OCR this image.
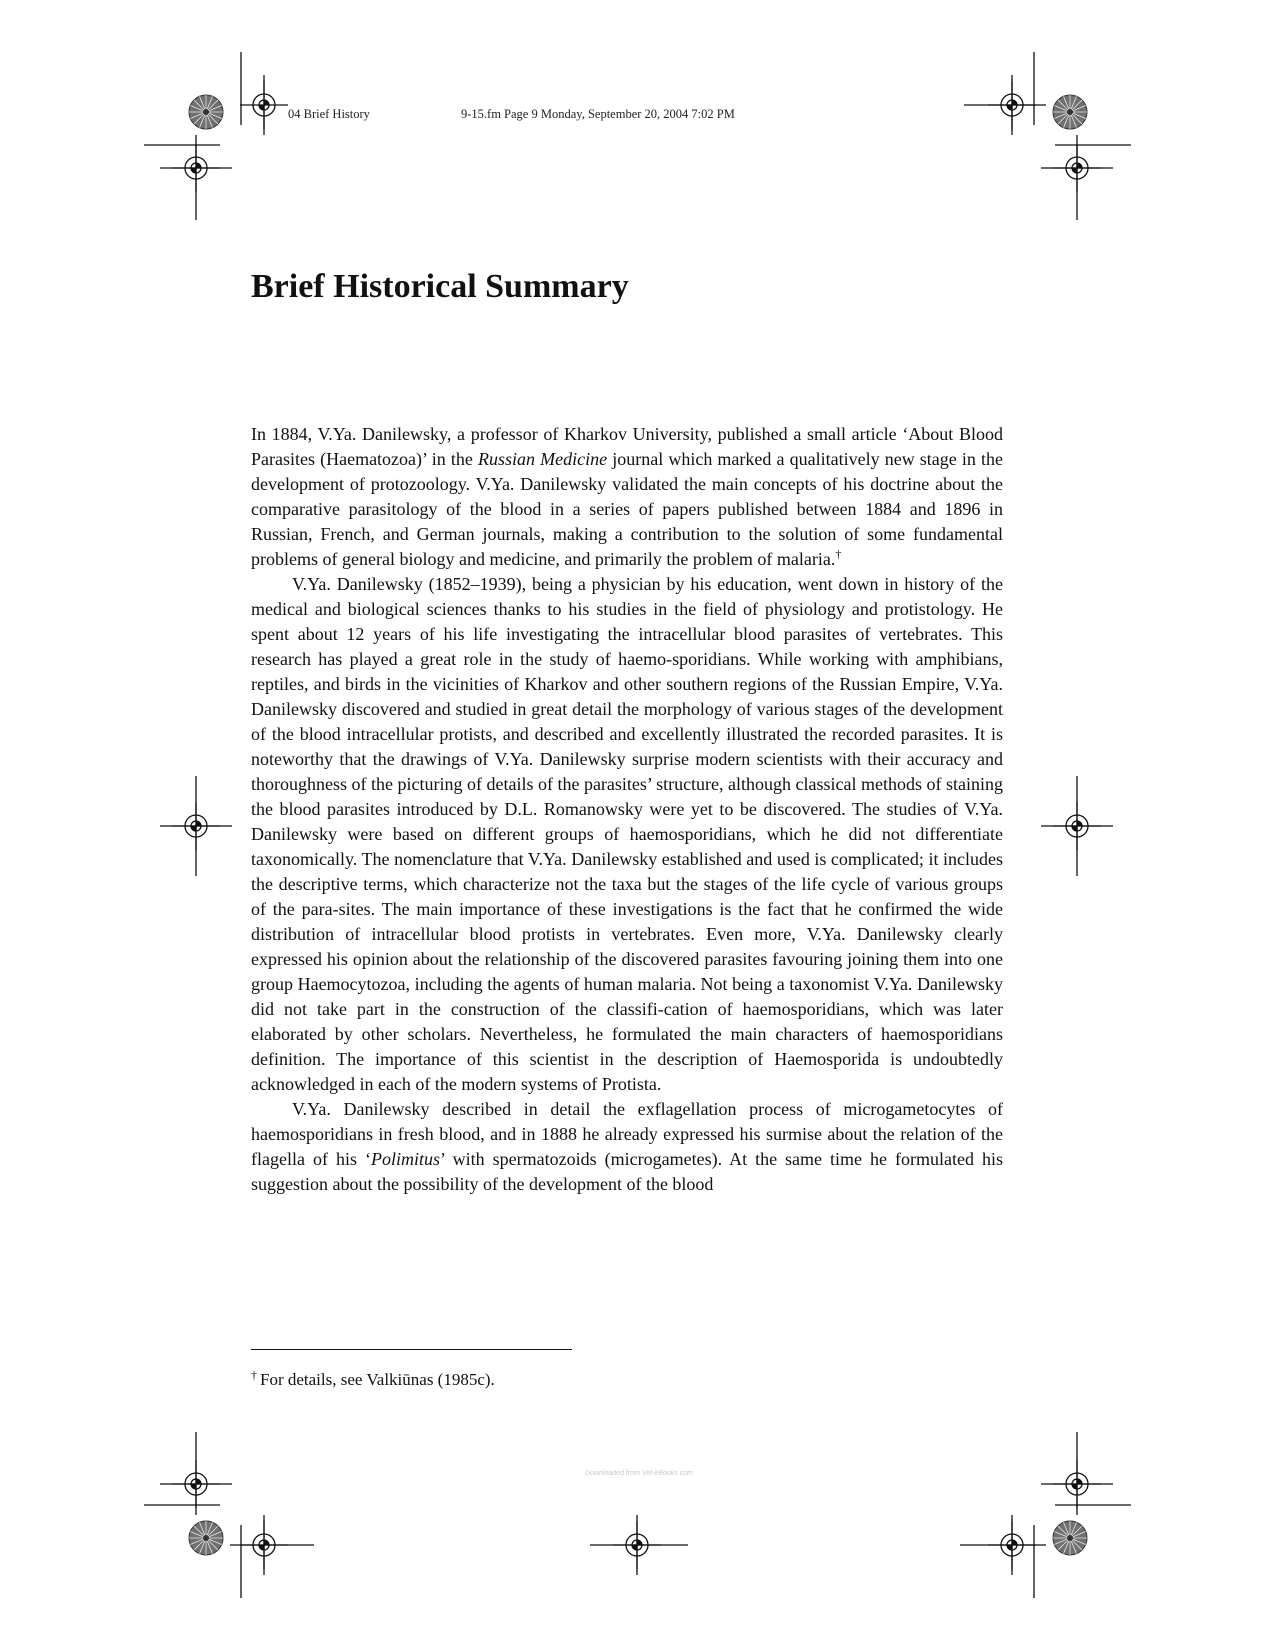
04 Brief History	9-15.fm Page 9 Monday, September 20, 2004 7:02 PM
Brief Historical Summary

In 1884, V.Ya. Danilewsky, a professor of Kharkov University, published a small article ‘About Blood Parasites (Haematozoa)’ in the Russian Medicine journal which marked a qualitatively new stage in the development of protozoology. V.Ya. Danilewsky validated the main concepts of his doctrine about the comparative parasitology of the blood in a series of papers published between 1884 and 1896 in Russian, French, and German journals, making a contribution to the solution of some fundamental problems of general biology and medicine, and primarily the problem of malaria.†

V.Ya. Danilewsky (1852–1939), being a physician by his education, went down in history of the medical and biological sciences thanks to his studies in the field of physiology and protistology. He spent about 12 years of his life investigating the intracellular blood parasites of vertebrates. This research has played a great role in the study of haemo-sporidians. While working with amphibians, reptiles, and birds in the vicinities of Kharkov and other southern regions of the Russian Empire, V.Ya. Danilewsky discovered and studied in great detail the morphology of various stages of the development of the blood intracellular protists, and described and excellently illustrated the recorded parasites. It is noteworthy that the drawings of V.Ya. Danilewsky surprise modern scientists with their accuracy and thoroughness of the picturing of details of the parasites’ structure, although classical methods of staining the blood parasites introduced by D.L. Romanowsky were yet to be discovered. The studies of V.Ya. Danilewsky were based on different groups of haemosporidians, which he did not differentiate taxonomically. The nomenclature that V.Ya. Danilewsky established and used is complicated; it includes the descriptive terms, which characterize not the taxa but the stages of the life cycle of various groups of the para-sites. The main importance of these investigations is the fact that he confirmed the wide distribution of intracellular blood protists in vertebrates. Even more, V.Ya. Danilewsky clearly expressed his opinion about the relationship of the discovered parasites favouring joining them into one group Haemocytozoa, including the agents of human malaria. Not being a taxonomist V.Ya. Danilewsky did not take part in the construction of the classifi-cation of haemosporidians, which was later elaborated by other scholars. Nevertheless, he formulated the main characters of haemosporidians definition. The importance of this scientist in the description of Haemosporida is undoubtedly acknowledged in each of the modern systems of Protista.

V.Ya. Danilewsky described in detail the exflagellation process of microgametocytes of haemosporidians in fresh blood, and in 1888 he already expressed his surmise about the relation of the flagella of his ‘Polimitus’ with spermatozoids (microgametes). At the same time he formulated his suggestion about the possibility of the development of the blood

† For details, see Valkiūnas (1985c).
Downloaded from Vet-eBooks.com
